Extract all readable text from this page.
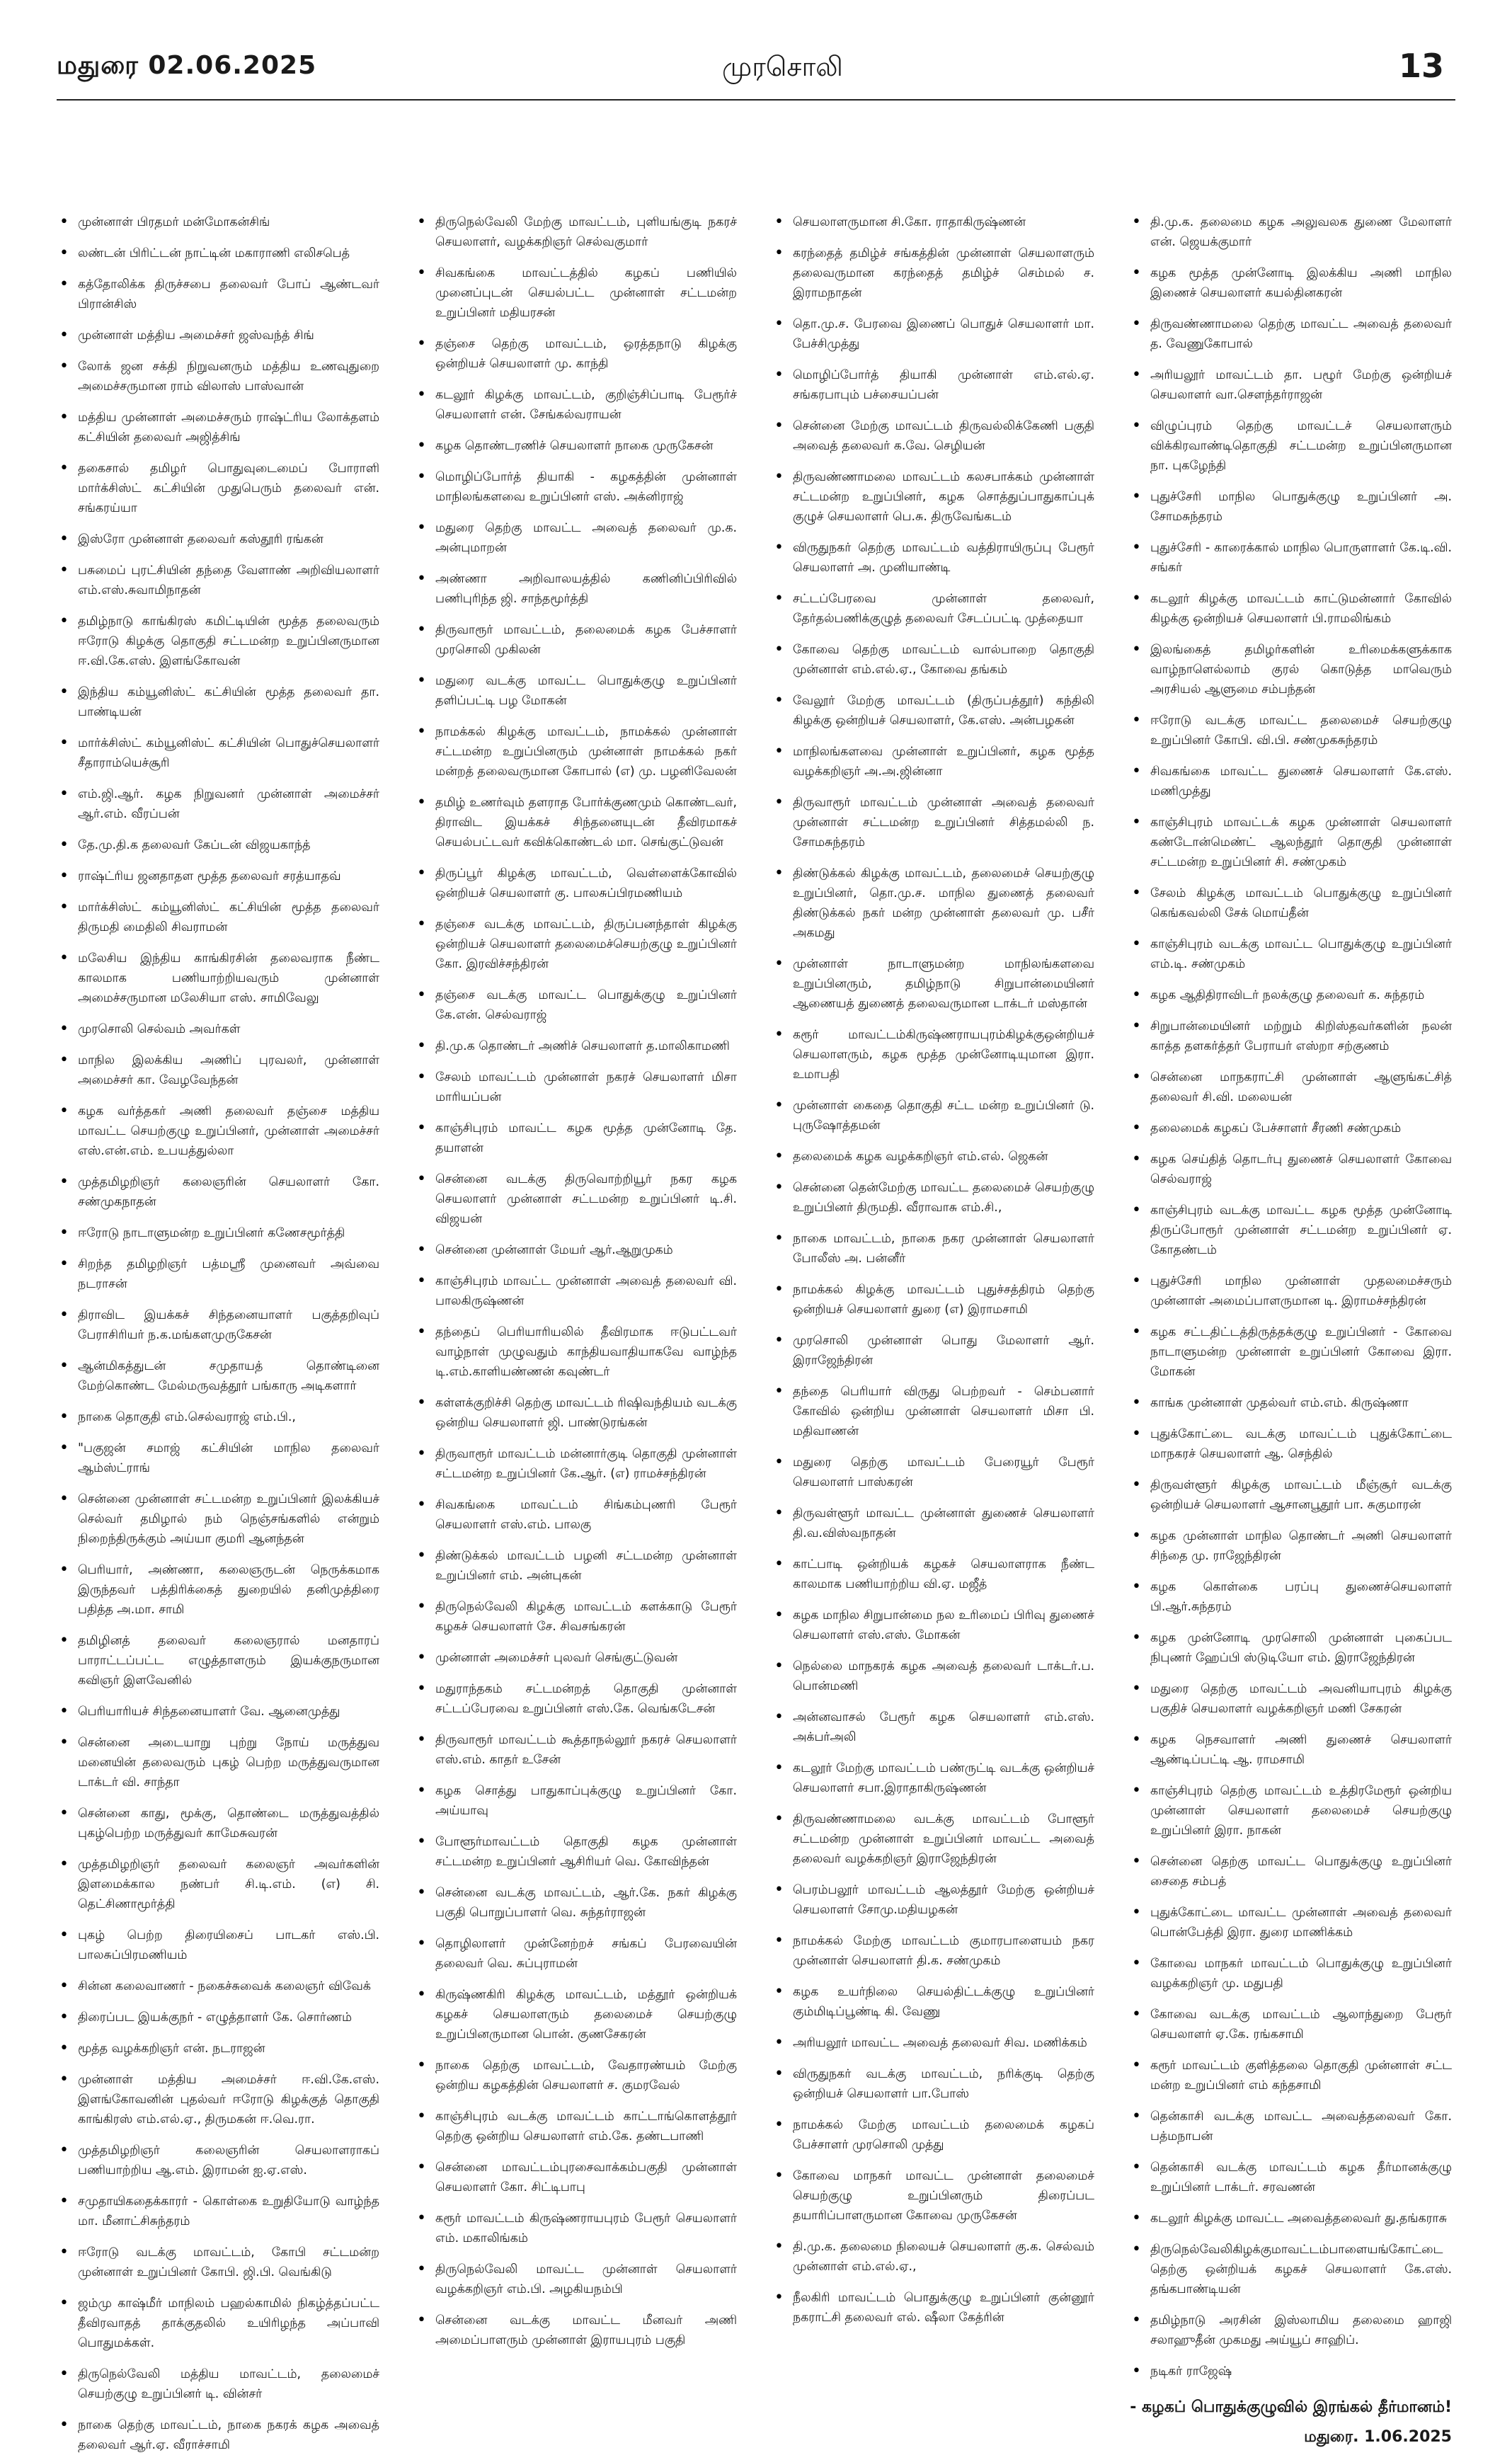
மதுரை 02.06.2025	முரசொலி	13
• முன்னாள் பிரதமர் மன்மோகன்சிங்
• லண்டன் பிரிட்டன் நாட்டின் மகாராணி எலிசபெத்
• கத்தோலிக்க திருச்சபை தலைவர் போப் ஆண்டவர் பிரான்சிஸ்
• முன்னாள் மத்திய அமைச்சர் ஜஸ்வந்த் சிங்
• லோக் ஜன சக்தி நிறுவனரும் மத்திய உணவுதுறை அமைச்சருமான ராம் விலாஸ் பாஸ்வான்
• மத்திய முன்னாள் அமைச்சரும் ராஷ்ட்ரிய லோக்தளம் கட்சியின் தலைவர் அஜித்சிங்
• தகைசால் தமிழர் பொதுவுடைமைப் போராளி மார்க்சிஸ்ட் கட்சியின் முதுபெரும் தலைவர் என். சங்கரய்யா
• இஸ்ரோ முன்னாள் தலைவர் கஸ்தூரி ரங்கன்
• பசுமைப் புரட்சியின் தந்தை வேளாண் அறிவியலாளர் எம்.எஸ்.சுவாமிநாதன்
• தமிழ்நாடு காங்கிரஸ் கமிட்டியின் மூத்த தலைவரும் ஈரோடு கிழக்கு தொகுதி சட்டமன்ற உறுப்பினருமான ஈ.வி.கே.எஸ். இளங்கோவன்
• இந்திய கம்யூனிஸ்ட் கட்சியின் மூத்த தலைவர் தா. பாண்டியன்
• மார்க்சிஸ்ட் கம்யூனிஸ்ட் கட்சியின் பொதுச்செயலாளர் சீதாராம்யெச்சூரி
• எம்.ஜி.ஆர். கழக நிறுவனர் முன்னாள் அமைச்சர் ஆர்.எம். வீரப்பன்
• தே.மு.தி.க தலைவர் கேப்டன் விஜயகாந்த்
• ராஷ்ட்ரிய ஜனதாதள மூத்த தலைவர் சரத்யாதவ்
• மார்க்சிஸ்ட் கம்யூனிஸ்ட் கட்சியின் மூத்த தலைவர் திருமதி மைதிலி சிவராமன்
• மலேசிய இந்திய காங்கிரசின் தலைவராக நீண்ட காலமாக பணியாற்றியவரும் முன்னாள் அமைச்சருமான மலேசியா எஸ். சாமிவேலு
• முரசொலி செல்வம் அவர்கள்
• மாநில இலக்கிய அணிப் புரவலர், முன்னாள் அமைச்சர் கா. வேழவேந்தன்
• கழக வர்த்தகர் அணி தலைவர் தஞ்சை மத்திய மாவட்ட செயற்குழு உறுப்பினர், முன்னாள் அமைச்சர் எஸ்.என்.எம். உபயத்துல்லா
• முத்தமிழறிஞர் கலைஞரின் செயலாளர் கோ. சண்முகநாதன்
• ஈரோடு நாடாளுமன்ற உறுப்பினர் கணேசமூர்த்தி
• சிறந்த தமிழறிஞர் பத்மஸ்ரீ முனைவர் அவ்வை நடராசன்
• திராவிட இயக்கச் சிந்தனையாளர் பகுத்தறிவுப் பேராசிரியர் ந.க.மங்களமுருகேசன்
• ஆன்மிகத்துடன் சமுதாயத் தொண்டினை மேற்கொண்ட மேல்மருவத்தூர் பங்காரு அடிகளார்
• நாகை தொகுதி எம்.செல்வராஜ் எம்.பி.,
• "பகுஜன் சமாஜ் கட்சியின் மாநில தலைவர் ஆம்ஸ்ட்ராங்
• சென்னை முன்னாள் சட்டமன்ற உறுப்பினர் இலக்கியச் செல்வர் தமிழால் நம் நெஞ்சங்களில் என்றும் நிறைந்திருக்கும் அய்யா குமரி ஆனந்தன்
• பெரியார், அண்ணா, கலைஞருடன் நெருக்கமாக இருந்தவர் பத்திரிக்கைத் துறையில் தனிமுத்திரை பதித்த அ.மா. சாமி
• தமிழினத் தலைவர் கலைஞரால் மனதாரப் பாராட்டப்பட்ட எழுத்தாளரும் இயக்குநருமான கவிஞர் இளவேனில்
• பெரியாரியச் சிந்தனையாளர் வே. ஆனைமுத்து
• சென்னை அடையாறு புற்று நோய் மருத்துவ மனையின் தலைவரும் புகழ் பெற்ற மருத்துவருமான டாக்டர் வி. சாந்தா
• சென்னை காது, மூக்கு, தொண்டை மருத்துவத்தில் புகழ்பெற்ற மருத்துவர் காமேசுவரன்
• முத்தமிழறிஞர் தலைவர் கலைஞர் அவர்களின் இளமைக்கால நண்பர் சி.டி.எம். (எ) சி. தெட்சிணாமூர்த்தி
• புகழ் பெற்ற திரையிசைப் பாடகர் எஸ்.பி. பாலசுப்பிரமணியம்
• சின்ன கலைவாணர் - நகைச்சுவைக் கலைஞர் விவேக்
• திரைப்பட இயக்குநர் - எழுத்தாளர் கே. சொர்ணம்
• மூத்த வழக்கறிஞர் என். நடராஜன்
• முன்னாள் மத்திய அமைச்சர் ஈ.வி.கே.எஸ். இளங்கோவனின் புதல்வர் ஈரோடு கிழக்குத் தொகுதி காங்கிரஸ் எம்.எல்.ஏ., திருமகன் ஈ.வெ.ரா.
• முத்தமிழறிஞர் கலைஞரின் செயலாளராகப் பணியாற்றிய ஆ.எம். இராமன் ஐ.ஏ.எஸ்.
• சமுதாயிகதைக்காரர் - கொள்கை உறுதியோடு வாழ்ந்த மா. மீனாட்சிசுந்தரம்
• ஈரோடு வடக்கு மாவட்டம், கோபி சட்டமன்ற முன்னாள் உறுப்பினர் கோபி. ஜி.பி. வெங்கிடு
• ஜம்மு காஷ்மீர் மாநிலம் பஹல்காமில் நிகழ்த்தப்பட்ட தீவிரவாதத் தாக்குதலில் உயிரிழந்த அப்பாவி பொதுமக்கள்.
• திருநெல்வேலி மத்திய மாவட்டம், தலைமைச் செயற்குழு உறுப்பினர் டி. வின்சர்
• நாகை தெற்கு மாவட்டம், நாகை நகரக் கழக அவைத் தலைவர் ஆர்.ஏ. வீராச்சாமி
• திருநெல்வேலி மேற்கு மாவட்டம், புளியங்குடி நகரச் செயலாளர், வழக்கறிஞர் செல்வகுமார்
• சிவகங்கை மாவட்டத்தில் கழகப் பணியில் முனைப்புடன் செயல்பட்ட முன்னாள் சட்டமன்ற உறுப்பினர் மதியரசன்
• தஞ்சை தெற்கு மாவட்டம், ஒரத்தநாடு கிழக்கு ஒன்றியச் செயலாளர் மு. காந்தி
• கடலூர் கிழக்கு மாவட்டம், குறிஞ்சிப்பாடி பேரூர்ச் செயலாளர் என். சேங்கல்வராயன்
• கழக தொண்டரணிச் செயலாளர் நாகை முருகேசன்
• மொழிப்போர்த் தியாகி - கழகத்தின் முன்னாள் மாநிலங்களவை உறுப்பினர் எஸ். அக்னிராஜ்
• மதுரை தெற்கு மாவட்ட அவைத் தலைவர் மு.க. அன்புமாறன்
• அண்ணா அறிவாலயத்தில் கணினிப்பிரிவில் பணிபுரிந்த ஜி. சாந்தமூர்த்தி
• திருவாரூர் மாவட்டம், தலைமைக் கழக பேச்சாளர் முரசொலி முகிலன்
• மதுரை வடக்கு மாவட்ட பொதுக்குழு உறுப்பினர் தளிப்பட்டி பழ மோகன்
• நாமக்கல் கிழக்கு மாவட்டம், நாமக்கல் முன்னாள் சட்டமன்ற உறுப்பினரும் முன்னாள் நாமக்கல் நகர் மன்றத் தலைவருமான கோபால் (எ) மு. பழனிவேலன்
• தமிழ் உணர்வும் தளராத போர்க்குணமும் கொண்டவர், திராவிட இயக்கச் சிந்தனையுடன் தீவிரமாகச் செயல்பட்டவர் கவிக்கொண்டல் மா. செங்குட்டுவன்
• திருப்பூர் கிழக்கு மாவட்டம், வெள்ளைக்கோவில் ஒன்றியச் செயலாளர் கு. பாலசுப்பிரமணியம்
• தஞ்சை வடக்கு மாவட்டம், திருப்பனந்தாள் கிழக்கு ஒன்றியச் செயலாளர் தலைமைச்செயற்குழு உறுப்பினர் கோ. இரவிச்சந்திரன்
• தஞ்சை வடக்கு மாவட்ட பொதுக்குழு உறுப்பினர் கே.என். செல்வராஜ்
• தி.மு.க தொண்டர் அணிச் செயலாளர் த.மாலிகாமணி
• சேலம் மாவட்டம் முன்னாள் நகரச் செயலாளர் மிசா மாரியப்பன்
• காஞ்சிபுரம் மாவட்ட கழக மூத்த முன்னோடி தே. தயாளன்
• சென்னை வடக்கு திருவொற்றியூர் நகர கழக செயலாளர் முன்னாள் சட்டமன்ற உறுப்பினர் டி.சி. விஜயன்
• சென்னை முன்னாள் மேயர் ஆர்.ஆறுமுகம்
• காஞ்சிபுரம் மாவட்ட முன்னாள் அவைத் தலைவர் வி. பாலகிருஷ்ணன்
• தந்தைப் பெரியாரியலில் தீவிரமாக ஈடுபட்டவர் வாழ்நாள் முழுவதும் காந்தியவாதியாகவே வாழ்ந்த டி.எம்.காளியண்ணன் கவுண்டர்
• கள்ளக்குறிச்சி தெற்கு மாவட்டம் ரிஷிவந்தியம் வடக்கு ஒன்றிய செயலாளர் ஜி. பாண்டுரங்கன்
• திருவாரூர் மாவட்டம் மன்னார்குடி தொகுதி முன்னாள் சட்டமன்ற உறுப்பினர் கே.ஆர். (எ) ராமச்சந்திரன்
• சிவகங்கை மாவட்டம் சிங்கம்புணரி பேரூர் செயலாளர் எஸ்.எம். பாலகு
• திண்டுக்கல் மாவட்டம் பழனி சட்டமன்ற முன்னாள் உறுப்பினர் எம். அன்புகன்
• திருநெல்வேலி கிழக்கு மாவட்டம் களக்காடு பேரூர் கழகச் செயலாளர் சே. சிவசங்கரன்
• முன்னாள் அமைச்சர் புலவர் செங்குட்டுவன்
• மதுராந்தகம் சட்டமன்றத் தொகுதி முன்னாள் சட்டப்பேரவை உறுப்பினர் எஸ்.கே. வெங்கடேசன்
• திருவாரூர் மாவட்டம் கூத்தாநல்லூர் நகரச் செயலாளர் எஸ்.எம். காதர் உசேன்
• கழக சொத்து பாதுகாப்புக்குழு உறுப்பினர் கோ. அய்யாவு
• போளூர்மாவட்டம் தொகுதி கழக முன்னாள் சட்டமன்ற உறுப்பினர் ஆசிரியர் வெ. கோவிந்தன்
• சென்னை வடக்கு மாவட்டம், ஆர்.கே. நகர் கிழக்கு பகுதி பொறுப்பாளர் வெ. சுந்தர்ராஜன்
• தொழிலாளர் முன்னேற்றச் சங்கப் பேரவையின் தலைவர் வெ. சுப்புராமன்
• கிருஷ்ணகிரி கிழக்கு மாவட்டம், மத்தூர் ஒன்றியக் கழகச் செயலாளரும் தலைமைச் செயற்குழு உறுப்பினருமான பொன். குணசேகரன்
• நாகை தெற்கு மாவட்டம், வேதாரண்யம் மேற்கு ஒன்றிய கழகத்தின் செயலாளர் ச. குமரவேல்
• காஞ்சிபுரம் வடக்கு மாவட்டம் காட்டாங்கொளத்தூர் தெற்கு ஒன்றிய செயலாளர் எம்.கே. தண்டபாணி
• சென்னை மாவட்டம்புரசைவாக்கம்பகுதி முன்னாள் செயலாளர் கோ. சிட்டிபாபு
• கரூர் மாவட்டம் கிருஷ்ணராயபுரம் பேரூர் செயலாளர் எம். மகாலிங்கம்
• திருநெல்வேலி மாவட்ட முன்னாள் செயலாளர் வழக்கறிஞர் எம்.பி. அழகியநம்பி
• சென்னை வடக்கு மாவட்ட மீனவர் அணி அமைப்பாளரும் முன்னாள் இராயபுரம் பகுதி
• செயலாளருமான சி.கோ. ராதாகிருஷ்ணன்
• கரந்தைத் தமிழ்ச் சங்கத்தின் முன்னாள் செயலாளரும் தலைவருமான கரந்தைத் தமிழ்ச் செம்மல் ச. இராமநாதன்
• தொ.மு.ச. பேரவை இணைப் பொதுச் செயலாளர் மா. பேச்சிமுத்து
• மொழிப்போர்த் தியாகி முன்னாள் எம்.எல்.ஏ. சங்கரபாபும் பச்சையப்பன்
• சென்னை மேற்கு மாவட்டம் திருவல்லிக்கேணி பகுதி அவைத் தலைவர் க.வே. செழியன்
• திருவண்ணாமலை மாவட்டம் கலசபாக்கம் முன்னாள் சட்டமன்ற உறுப்பினர், கழக சொத்துப்பாதுகாப்புக் குழுச் செயலாளர் பெ.சு. திருவேங்கடம்
• விருதுநகர் தெற்கு மாவட்டம் வத்திராயிருப்பு பேரூர் செயலாளர் அ. முனியாண்டி
• சட்டப்பேரவை முன்னாள் தலைவர், தேர்தல்பணிக்குழுத் தலைவர் சேடப்பட்டி முத்தையா
• கோவை தெற்கு மாவட்டம் வால்பாறை தொகுதி முன்னாள் எம்.எல்.ஏ., கோவை தங்கம்
• வேலூர் மேற்கு மாவட்டம் (திருப்பத்தூர்) கந்திலி கிழக்கு ஒன்றியச் செயலாளர், கே.எஸ். அன்பழகன்
• மாநிலங்களவை முன்னாள் உறுப்பினர், கழக மூத்த வழக்கறிஞர் அ.அ.ஜின்னா
• திருவாரூர் மாவட்டம் முன்னாள் அவைத் தலைவர் முன்னாள் சட்டமன்ற உறுப்பினர் சித்தமல்லி ந. சோமசுந்தரம்
• திண்டுக்கல் கிழக்கு மாவட்டம், தலைமைச் செயற்குழு உறுப்பினர், தொ.மு.ச. மாநில துணைத் தலைவர் திண்டுக்கல் நகர் மன்ற முன்னாள் தலைவர் மு. பசீர் அகமது
• முன்னாள் நாடாளுமன்ற மாநிலங்களவை உறுப்பினரும், தமிழ்நாடு சிறுபான்மையினர் ஆணையத் துணைத் தலைவருமான டாக்டர் மஸ்தான்
• கரூர் மாவட்டம்கிருஷ்ணராயபுரம்கிழக்குஒன்றியச் செயலாளரும், கழக மூத்த முன்னோடியுமான இரா. உமாபதி
• முன்னாள் கைதை தொகுதி சட்ட மன்ற உறுப்பினர் டு. புருஷோத்தமன்
• தலைமைக் கழக வழக்கறிஞர் எம்.எல். ஜெகன்
• சென்னை தென்மேற்கு மாவட்ட தலைமைச் செயற்குழு உறுப்பினர் திருமதி. வீராவாசு எம்.சி.,
• நாகை மாவட்டம், நாகை நகர முன்னாள் செயலாளர் போலீஸ் அ. பன்னீர்
• நாமக்கல் கிழக்கு மாவட்டம் புதுச்சத்திரம் தெற்கு ஒன்றியச் செயலாளர் துரை (எ) இராமசாமி
• முரசொலி முன்னாள் பொது மேலாளர் ஆர். இராஜேந்திரன்
• தந்தை பெரியார் விருது பெற்றவர் - செம்பனார் கோவில் ஒன்றிய முன்னாள் செயலாளர் மிசா பி. மதிவாணன்
• மதுரை தெற்கு மாவட்டம் பேரையூர் பேரூர் செயலாளர் பாஸ்கரன்
• திருவள்ளூர் மாவட்ட முன்னாள் துணைச் செயலாளர் தி.வ.விஸ்வநாதன்
• காட்பாடி ஒன்றியக் கழகச் செயலாளராக நீண்ட காலமாக பணியாற்றிய வி.ஏ. மஜீத்
• கழக மாநில சிறுபான்மை நல உரிமைப் பிரிவு துணைச் செயலாளர் எஸ்.எஸ். மோகன்
• நெல்லை மாநகரக் கழக அவைத் தலைவர் டாக்டர்.ப. பொன்மணி
• அன்னவாசல் பேரூர் கழக செயலாளர் எம்.எஸ். அக்பர்அலி
• கடலூர் மேற்கு மாவட்டம் பண்ருட்டி வடக்கு ஒன்றியச் செயலாளர் சபா.இராதாகிருஷ்ணன்
• திருவண்ணாமலை வடக்கு மாவட்டம் போளூர் சட்டமன்ற முன்னாள் உறுப்பினர் மாவட்ட அவைத் தலைவர் வழக்கறிஞர் இராஜேந்திரன்
• பெரம்பலூர் மாவட்டம் ஆலத்தூர் மேற்கு ஒன்றியச் செயலாளர் சோமு.மதியழகன்
• நாமக்கல் மேற்கு மாவட்டம் குமாரபாளையம் நகர முன்னாள் செயலாளர் தி.க. சண்முகம்
• கழக உயர்நிலை செயல்திட்டக்குழு உறுப்பினர் கும்மிடிப்பூண்டி கி. வேணு
• அரியலூர் மாவட்ட அவைத் தலைவர் சிவ. மணிக்கம்
• விருதுநகர் வடக்கு மாவட்டம், நரிக்குடி தெற்கு ஒன்றியச் செயலாளர் பா.போஸ்
• நாமக்கல் மேற்கு மாவட்டம் தலைமைக் கழகப் பேச்சாளர் முரசொலி முத்து
• கோவை மாநகர் மாவட்ட முன்னாள் தலைமைச் செயற்குழு உறுப்பினரும் திரைப்பட தயாரிப்பாளருமான கோவை முருகேசன்
• தி.மு.க. தலைமை நிலையச் செயலாளர் கு.க. செல்வம் முன்னாள் எம்.எல்.ஏ.,
• நீலகிரி மாவட்டம் பொதுக்குழு உறுப்பினர் குன்னூர் நகராட்சி தலைவர் எல். ஷீலா கேத்ரின்
• தி.மு.க. தலைமை கழக அலுவலக துணை மேலாளர் என். ஜெயக்குமார்
• கழக மூத்த முன்னோடி இலக்கிய அணி மாநில இணைச் செயலாளர் கயல்தினகரன்
• திருவண்ணாமலை தெற்கு மாவட்ட அவைத் தலைவர் த. வேணுகோபால்
• அரியலூர் மாவட்டம் தா. பழூர் மேற்கு ஒன்றியச் செயலாளர் வா.சௌந்தர்ராஜன்
• விழுப்புரம் தெற்கு மாவட்டச் செயலாளரும் விக்கிரவாண்டிதொகுதி சட்டமன்ற உறுப்பினருமான நா. புகழேந்தி
• புதுச்சேரி மாநில பொதுக்குழு உறுப்பினர் அ. சோமசுந்தரம்
• புதுச்சேரி - காரைக்கால் மாநில பொருளாளர் கே.டி.வி. சங்கர்
• கடலூர் கிழக்கு மாவட்டம் காட்டுமன்னார் கோவில் கிழக்கு ஒன்றியச் செயலாளர் பி.ராமலிங்கம்
• இலங்கைத் தமிழர்களின் உரிமைக்களுக்காக வாழ்நாளெல்லாம் குரல் கொடுத்த மாவெரும் அரசியல் ஆளுமை சம்பந்தன்
• ஈரோடு வடக்கு மாவட்ட தலைமைச் செயற்குழு உறுப்பினர் கோபி. வி.பி. சண்முகசுந்தரம்
• சிவகங்கை மாவட்ட துணைச் செயலாளர் கே.எஸ். மணிமுத்து
• காஞ்சிபுரம் மாவட்டக் கழக முன்னாள் செயலாளர் கண்டோன்மெண்ட் ஆலந்தூர் தொகுதி முன்னாள் சட்டமன்ற உறுப்பினர் சி. சண்முகம்
• சேலம் கிழக்கு மாவட்டம் பொதுக்குழு உறுப்பினர் கெங்கவல்லி சேக் மொய்தீன்
• காஞ்சிபுரம் வடக்கு மாவட்ட பொதுக்குழு உறுப்பினர் எம்.டி. சண்முகம்
• கழக ஆதிதிராவிடர் நலக்குழு தலைவர் க. சுந்தரம்
• சிறுபான்மையினர் மற்றும் கிறிஸ்தவர்களின் நலன் காத்த தளகர்த்தர் பேராயர் எஸ்றா சற்குணம்
• சென்னை மாநகராட்சி முன்னாள் ஆளுங்கட்சித் தலைவர் சி.வி. மலையன்
• தலைமைக் கழகப் பேச்சாளர் சீரணி சண்முகம்
• கழக செய்தித் தொடர்பு துணைச் செயலாளர் கோவை செல்வராஜ்
• காஞ்சிபுரம் வடக்கு மாவட்ட கழக மூத்த முன்னோடி திருப்போரூர் முன்னாள் சட்டமன்ற உறுப்பினர் ஏ. கோதண்டம்
• புதுச்சேரி மாநில முன்னாள் முதலமைச்சரும் முன்னாள் அமைப்பாளருமான டி. இராமச்சந்திரன்
• கழக சட்டதிட்டத்திருத்தக்குழு உறுப்பினர் - கோவை நாடாளுமன்ற முன்னாள் உறுப்பினர் கோவை இரா. மோகன்
• காங்க முன்னாள் முதல்வர் எம்.எம். கிருஷ்ணா
• புதுக்கோட்டை வடக்கு மாவட்டம் புதுக்கோட்டை மாநகரச் செயலாளர் ஆ. செந்தில்
• திருவள்ளூர் கிழக்கு மாவட்டம் மீஞ்சூர் வடக்கு ஒன்றியச் செயலாளர் ஆசானபூதூர் பா. சுகுமாரன்
• கழக முன்னாள் மாநில தொண்டர் அணி செயலாளர் சிந்தை மு. ராஜேந்திரன்
• கழக கொள்கை பரப்பு துணைச்செயலாளர் பி.ஆர்.சுந்தரம்
• கழக முன்னோடி முரசொலி முன்னாள் புகைப்பட நிபுணர் ஹேப்பி ஸ்டுடியோ எம். இராஜேந்திரன்
• மதுரை தெற்கு மாவட்டம் அவனியாபுரம் கிழக்கு பகுதிச் செயலாளர் வழக்கறிஞர் மணி சேகரன்
• கழக நெசவாளர் அணி துணைச் செயலாளர் ஆண்டிப்பட்டி ஆ. ராமசாமி
• காஞ்சிபுரம் தெற்கு மாவட்டம் உத்திரமேரூர் ஒன்றிய முன்னாள் செயலாளர் தலைமைச் செயற்குழு உறுப்பினர் இரா. நாகன்
• சென்னை தெற்கு மாவட்ட பொதுக்குழு உறுப்பினர் சைதை சம்பத்
• புதுக்கோட்டை மாவட்ட முன்னாள் அவைத் தலைவர் பொன்பேத்தி இரா. துரை மாணிக்கம்
• கோவை மாநகர் மாவட்டம் பொதுக்குழு உறுப்பினர் வழக்கறிஞர் மு. மதுபதி
• கோவை வடக்கு மாவட்டம் ஆலாந்துறை பேரூர் செயலாளர் ஏ.கே. ரங்கசாமி
• கரூர் மாவட்டம் குளித்தலை தொகுதி முன்னாள் சட்ட மன்ற உறுப்பினர் எம் கந்தசாமி
• தென்காசி வடக்கு மாவட்ட அவைத்தலைவர் கோ. பத்மநாபன்
• தென்காசி வடக்கு மாவட்டம் கழக தீர்மானக்குழு உறுப்பினர் டாக்டர். சரவணன்
• கடலூர் கிழக்கு மாவட்ட அவைத்தலைவர் து.தங்கராசு
• திருநெல்வேலிகிழக்குமாவட்டம்பாளையங்கோட்டை தெற்கு ஒன்றியக் கழகச் செயலாளர் கே.எஸ். தங்கபாண்டியன்
• தமிழ்நாடு அரசின் இஸ்லாமிய தலைமை ஹாஜி சலாஹுதீன் முகமது அய்யூப் சாஹிப்.
• நடிகர் ராஜேஷ்
- கழகப் பொதுக்குழுவில் இரங்கல் தீர்மானம்!
மதுரை. 1.06.2025
